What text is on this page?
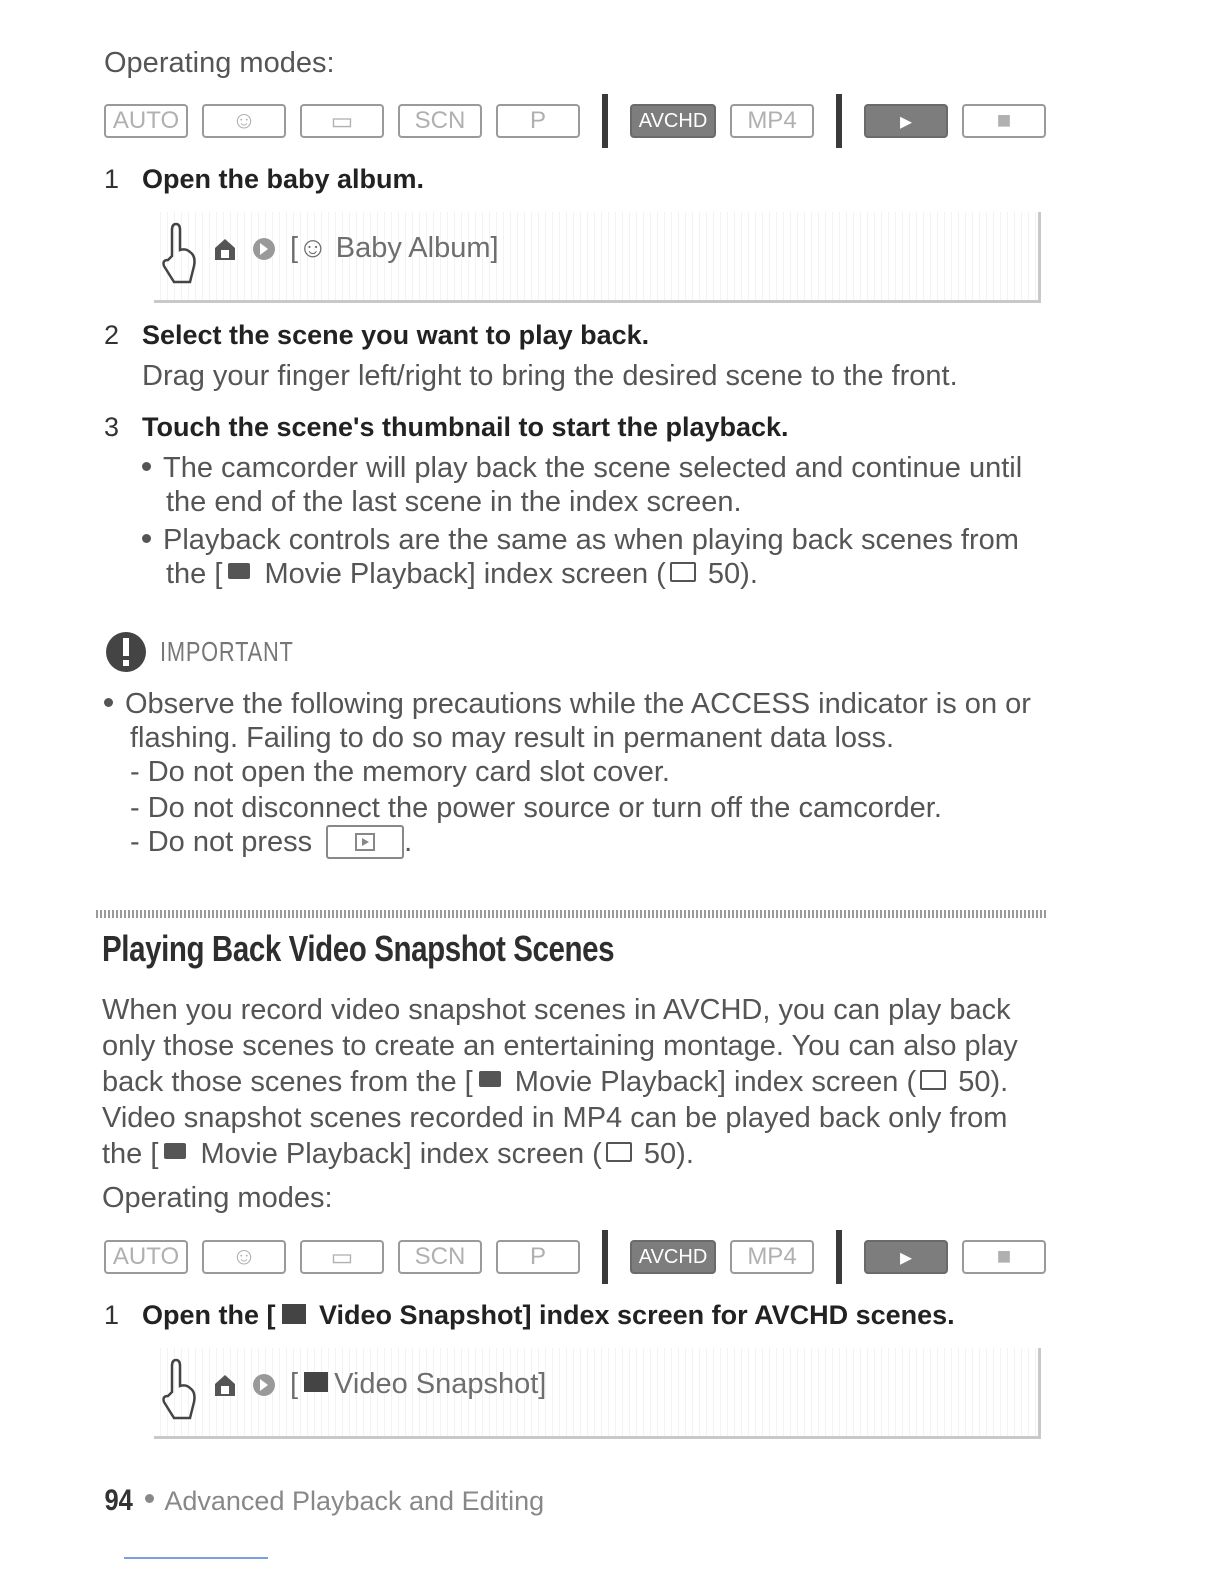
Operating modes:
AUTO	☺	▭	SCN	P	AVCHD	MP4	▸	■
1 Open the baby album.
[☺ Baby Album]
2 Select the scene you want to play back.
Drag your finger left/right to bring the desired scene to the front.
3 Touch the scene's thumbnail to start the playback.
The camcorder will play back the scene selected and continue until
the end of the last scene in the index screen.
Playback controls are the same as when playing back scenes from
the [ Movie Playback] index screen ( 50).
IMPORTANT
Observe the following precautions while the ACCESS indicator is on or
flashing. Failing to do so may result in permanent data loss.
- Do not open the memory card slot cover.
- Do not disconnect the power source or turn off the camcorder.
- Do not press	.
Playing Back Video Snapshot Scenes
When you record video snapshot scenes in AVCHD, you can play back
only those scenes to create an entertaining montage. You can also play
back those scenes from the [ Movie Playback] index screen ( 50).
Video snapshot scenes recorded in MP4 can be played back only from
the [ Movie Playback] index screen ( 50).
Operating modes:
AUTO	☺	▭	SCN	P	AVCHD	MP4	▸	■
1 Open the [ Video Snapshot] index screen for AVCHD scenes.
[ Video Snapshot]
94 Advanced Playback and Editing
